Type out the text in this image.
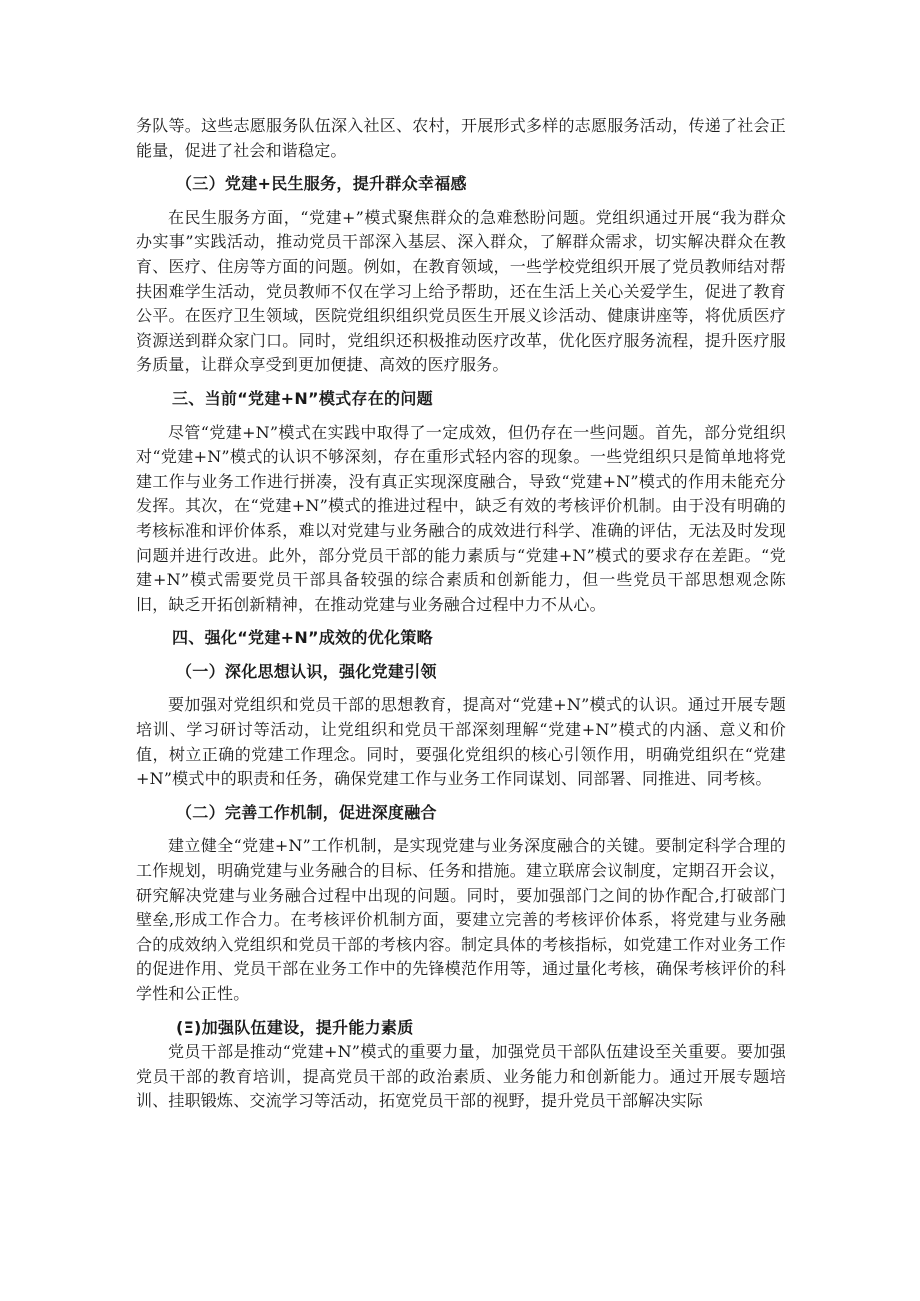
务队等。这些志愿服务队伍深入社区、农村，开展形式多样的志愿服务活动，传递了社会正能量，促进了社会和谐稳定。

（三）党建+民生服务，提升群众幸福感

在民生服务方面，“党建+”模式聚焦群众的急难愁盼问题。党组织通过开展“我为群众办实事”实践活动，推动党员干部深入基层、深入群众，了解群众需求，切实解决群众在教育、医疗、住房等方面的问题。例如，在教育领域，一些学校党组织开展了党员教师结对帮扶困难学生活动，党员教师不仅在学习上给予帮助，还在生活上关心关爱学生，促进了教育公平。在医疗卫生领域，医院党组织组织党员医生开展义诊活动、健康讲座等，将优质医疗资源送到群众家门口。同时，党组织还积极推动医疗改革，优化医疗服务流程，提升医疗服务质量，让群众享受到更加便捷、高效的医疗服务。

三、当前“党建+N”模式存在的问题

尽管“党建+N”模式在实践中取得了一定成效，但仍存在一些问题。首先，部分党组织对“党建+N”模式的认识不够深刻，存在重形式轻内容的现象。一些党组织只是简单地将党建工作与业务工作进行拼凑，没有真正实现深度融合，导致“党建+N”模式的作用未能充分发挥。其次，在“党建+N”模式的推进过程中，缺乏有效的考核评价机制。由于没有明确的考核标准和评价体系，难以对党建与业务融合的成效进行科学、准确的评估，无法及时发现问题并进行改进。此外，部分党员干部的能力素质与“党建+N”模式的要求存在差距。“党建+N”模式需要党员干部具备较强的综合素质和创新能力，但一些党员干部思想观念陈旧，缺乏开拓创新精神，在推动党建与业务融合过程中力不从心。

四、强化“党建+N”成效的优化策略

（一）深化思想认识，强化党建引领

要加强对党组织和党员干部的思想教育，提高对“党建+N”模式的认识。通过开展专题培训、学习研讨等活动，让党组织和党员干部深刻理解“党建+N”模式的内涵、意义和价值，树立正确的党建工作理念。同时，要强化党组织的核心引领作用，明确党组织在“党建+N”模式中的职责和任务，确保党建工作与业务工作同谋划、同部署、同推进、同考核。

（二）完善工作机制，促进深度融合

建立健全“党建+N”工作机制，是实现党建与业务深度融合的关键。要制定科学合理的工作规划，明确党建与业务融合的目标、任务和措施。建立联席会议制度，定期召开会议，研究解决党建与业务融合过程中出现的问题。同时，要加强部门之间的协作配合,打破部门壁垒,形成工作合力。在考核评价机制方面，要建立完善的考核评价体系，将党建与业务融合的成效纳入党组织和党员干部的考核内容。制定具体的考核指标，如党建工作对业务工作的促进作用、党员干部在业务工作中的先锋模范作用等，通过量化考核，确保考核评价的科学性和公正性。

(Ξ)加强队伍建设，提升能力素质

党员干部是推动“党建+N”模式的重要力量，加强党员干部队伍建设至关重要。要加强党员干部的教育培训，提高党员干部的政治素质、业务能力和创新能力。通过开展专题培训、挂职锻炼、交流学习等活动，拓宽党员干部的视野，提升党员干部解决实际
